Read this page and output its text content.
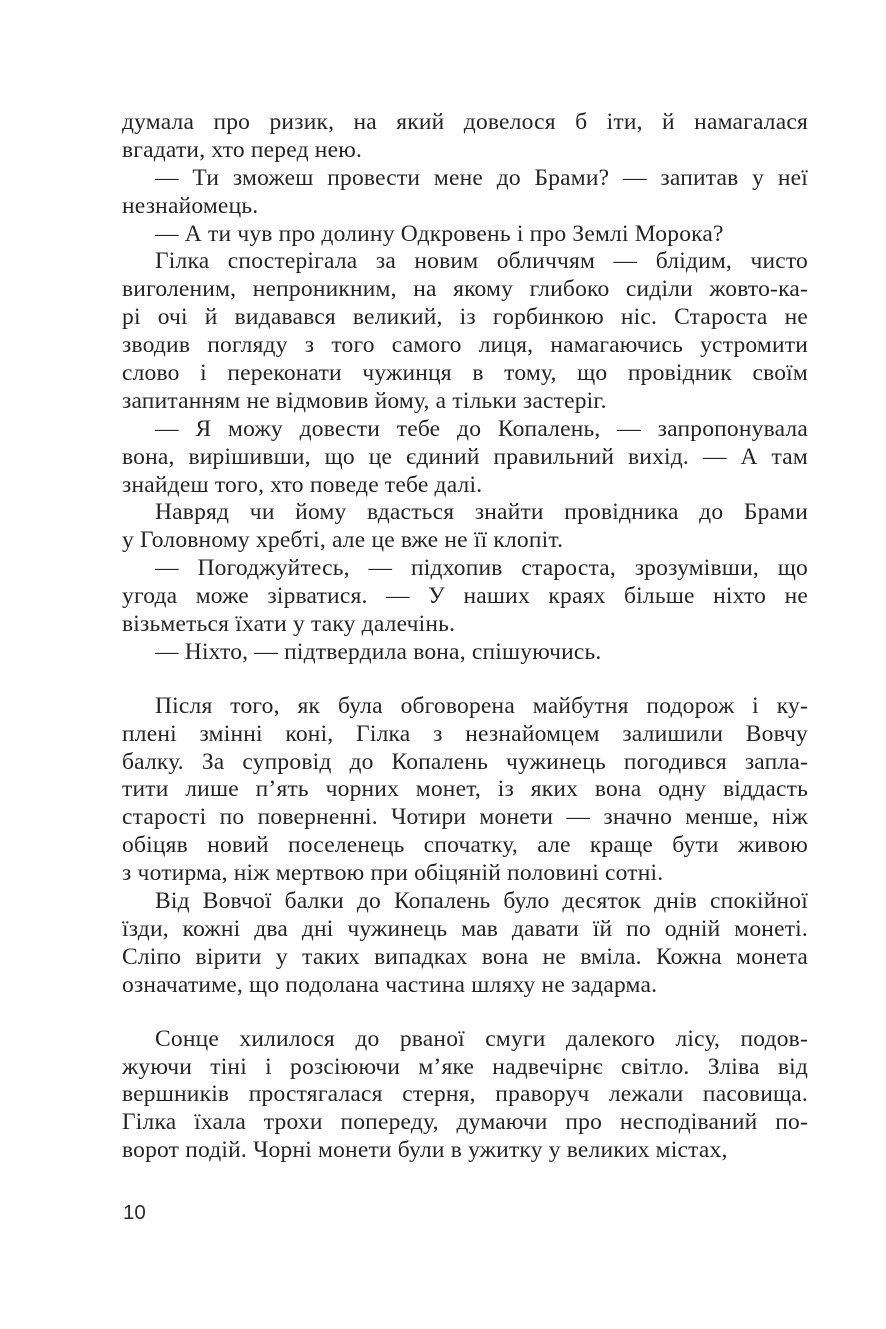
думала про ризик, на який довелося б іти, й намагалася
вгадати, хто перед нею.
— Ти зможеш провести мене до Брами? — запитав у неї
незнайомець.
— А ти чув про долину Одкровень і про Землі Морока?
Гілка спостерігала за новим обличчям — блідим, чисто
виголеним, непроникним, на якому глибоко сиділи жовто-ка-
рі очі й видавався великий, із горбинкою ніс. Староста не
зводив погляду з того самого лиця, намагаючись устромити
слово і переконати чужинця в тому, що провідник своїм
запитанням не відмовив йому, а тільки застеріг.
— Я можу довести тебе до Копалень, — запропонувала
вона, вирішивши, що це єдиний правильний вихід. — А там
знайдеш того, хто поведе тебе далі.
Навряд чи йому вдасться знайти провідника до Брами
у Головному хребті, але це вже не її клопіт.
— Погоджуйтесь, — підхопив староста, зрозумівши, що
угода може зірватися. — У наших краях більше ніхто не
візьметься їхати у таку далечінь.
— Ніхто, — підтвердила вона, спішуючись.
Після того, як була обговорена майбутня подорож і ку-
плені змінні коні, Гілка з незнайомцем залишили Вовчу
балку. За супровід до Копалень чужинець погодився запла-
тити лише п’ять чорних монет, із яких вона одну віддасть
старості по поверненні. Чотири монети — значно менше, ніж
обіцяв новий поселенець спочатку, але краще бути живою
з чотирма, ніж мертвою при обіцяній половині сотні.
Від Вовчої балки до Копалень було десяток днів спокійної
їзди, кожні два дні чужинець мав давати їй по одній монеті.
Сліпо вірити у таких випадках вона не вміла. Кожна монета
означатиме, що подолана частина шляху не задарма.
Сонце хилилося до рваної смуги далекого лісу, подов-
жуючи тіні і розсіюючи м’яке надвечірнє світло. Зліва від
вершників простягалася стерня, праворуч лежали пасовища.
Гілка їхала трохи попереду, думаючи про несподіваний по-
ворот подій. Чорні монети були в ужитку у великих містах,
10
